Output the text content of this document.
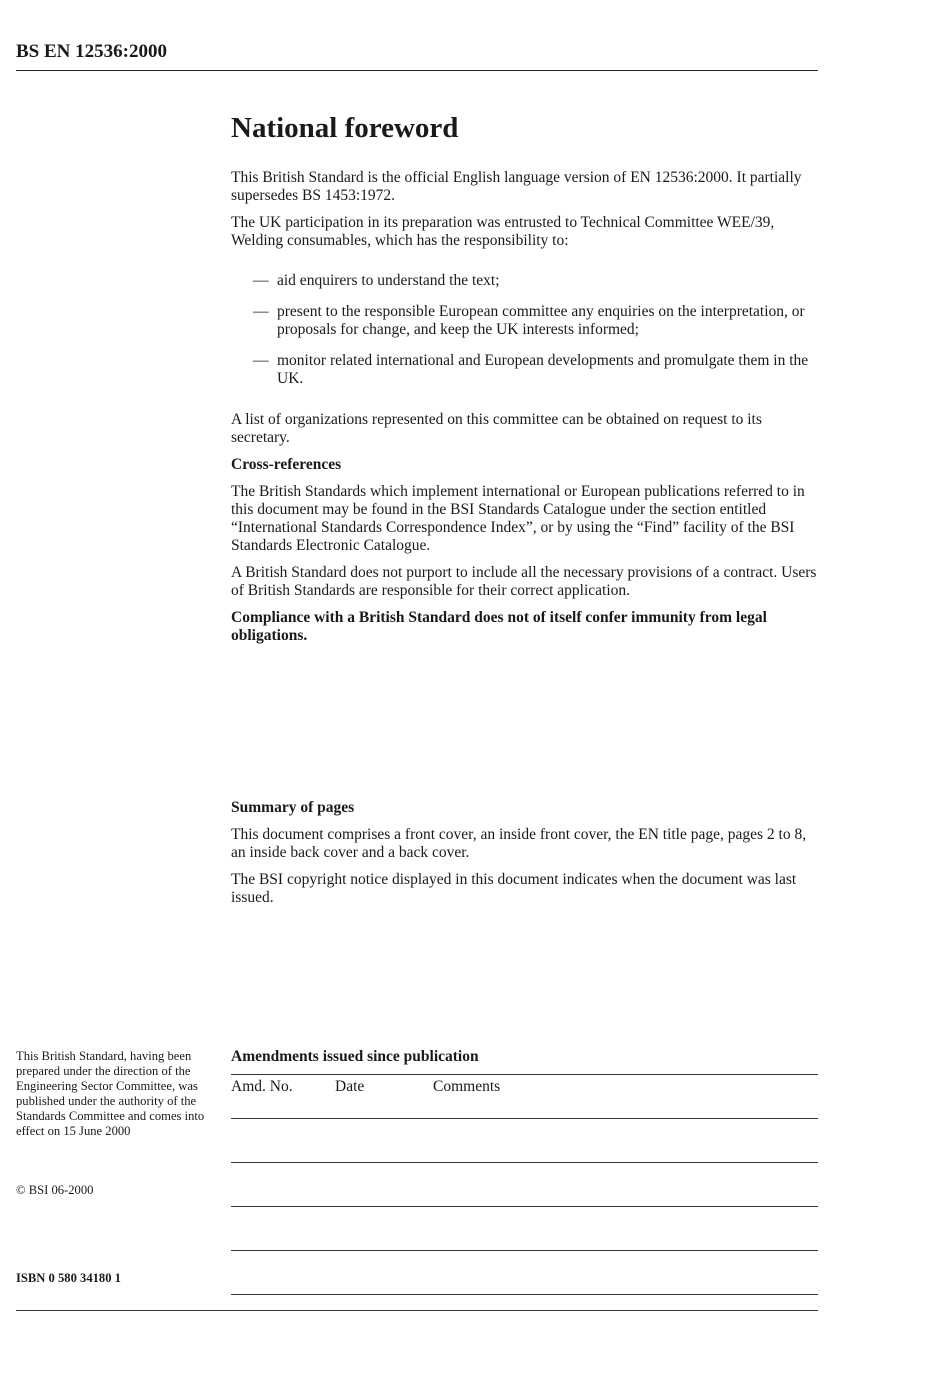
BS EN 12536:2000
National foreword

This British Standard is the official English language version of EN 12536:2000. It partially supersedes BS 1453:1972.

The UK participation in its preparation was entrusted to Technical Committee WEE/39, Welding consumables, which has the responsibility to:

— aid enquirers to understand the text;
— present to the responsible European committee any enquiries on the interpretation, or proposals for change, and keep the UK interests informed;
— monitor related international and European developments and promulgate them in the UK.

A list of organizations represented on this committee can be obtained on request to its secretary.

Cross-references

The British Standards which implement international or European publications referred to in this document may be found in the BSI Standards Catalogue under the section entitled “International Standards Correspondence Index”, or by using the “Find” facility of the BSI Standards Electronic Catalogue.

A British Standard does not purport to include all the necessary provisions of a contract. Users of British Standards are responsible for their correct application.

Compliance with a British Standard does not of itself confer immunity from legal obligations.

Summary of pages

This document comprises a front cover, an inside front cover, the EN title page, pages 2 to 8, an inside back cover and a back cover.

The BSI copyright notice displayed in this document indicates when the document was last issued.

This British Standard, having been prepared under the direction of the Engineering Sector Committee, was published under the authority of the Standards Committee and comes into effect on 15 June 2000
© BSI 06-2000
ISBN 0 580 34180 1
Amendments issued since publication
Amd. No.	Date	Comments
